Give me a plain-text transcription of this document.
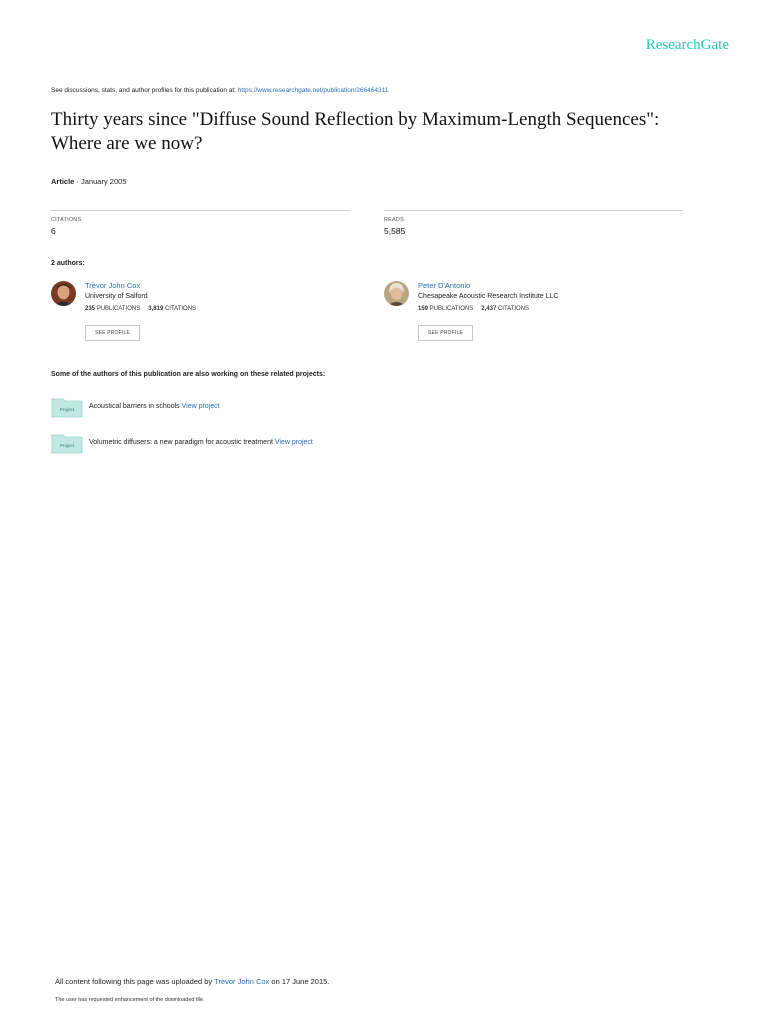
ResearchGate
See discussions, stats, and author profiles for this publication at: https://www.researchgate.net/publication/266464311
Thirty years since "Diffuse Sound Reflection by Maximum-Length Sequences": Where are we now?
Article · January 2005
CITATIONS
6
READS
5,585
2 authors:
Trevor John Cox
University of Salford
235 PUBLICATIONS 3,819 CITATIONS
SEE PROFILE
Peter D'Antonio
Chesapeake Acoustic Research Institute LLC
159 PUBLICATIONS 2,437 CITATIONS
SEE PROFILE
Some of the authors of this publication are also working on these related projects:
Project Acoustical barriers in schools View project
Project Volumetric diffusers: a new paradigm for acoustic treatment View project
All content following this page was uploaded by Trevor John Cox on 17 June 2015.
The user has requested enhancement of the downloaded file.
